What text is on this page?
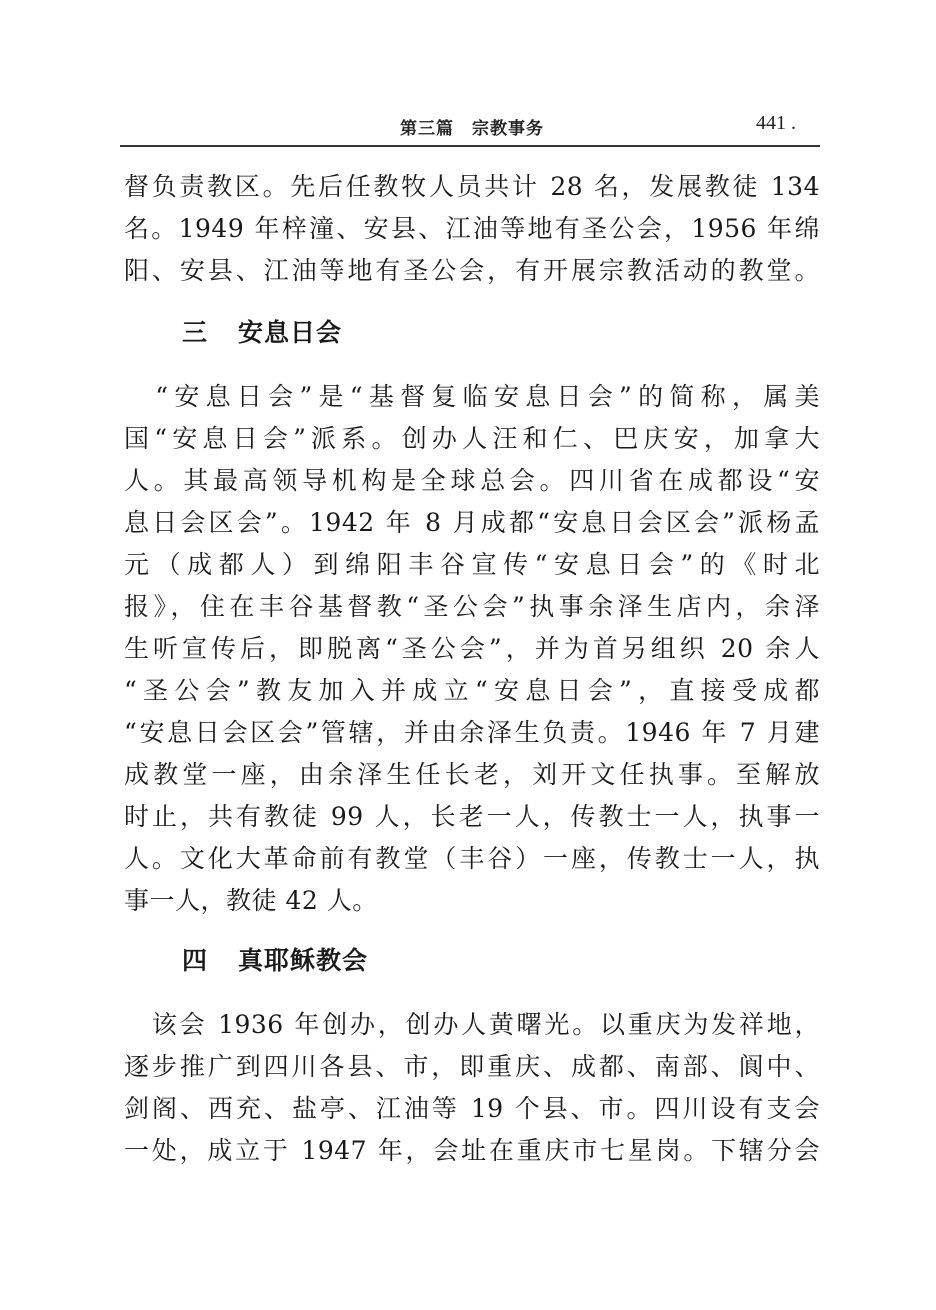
第三篇　宗教事务	441 .
督负责教区。先后任教牧人员共计 28 名，发展教徒 134
名。1949 年梓潼、安县、江油等地有圣公会，1956 年绵
阳、安县、江油等地有圣公会，有开展宗教活动的教堂。
三 安息日会
　“安息日会”是“基督复临安息日会”的简称，属美
国“安息日会”派系。创办人汪和仁、巴庆安，加拿大
人。其最高领导机构是全球总会。四川省在成都设“安
息日会区会”。1942 年 8 月成都“安息日会区会”派杨孟
元（成都人）到绵阳丰谷宣传“安息日会”的《时北
报》，住在丰谷基督教“圣公会”执事余泽生店内，余泽
生听宣传后，即脱离“圣公会”，并为首另组织 20 余人
“圣公会”教友加入并成立“安息日会”，直接受成都
“安息日会区会”管辖，并由余泽生负责。1946 年 7 月建
成教堂一座，由余泽生任长老，刘开文任执事。至解放
时止，共有教徒 99 人，长老一人，传教士一人，执事一
人。文化大革命前有教堂（丰谷）一座，传教士一人，执
事一人，教徒 42 人。
四 真耶稣教会
　该会 1936 年创办，创办人黄曙光。以重庆为发祥地，
逐步推广到四川各县、市，即重庆、成都、南部、阆中、
剑阁、西充、盐亭、江油等 19 个县、市。四川设有支会
一处，成立于 1947 年，会址在重庆市七星岗。下辖分会
